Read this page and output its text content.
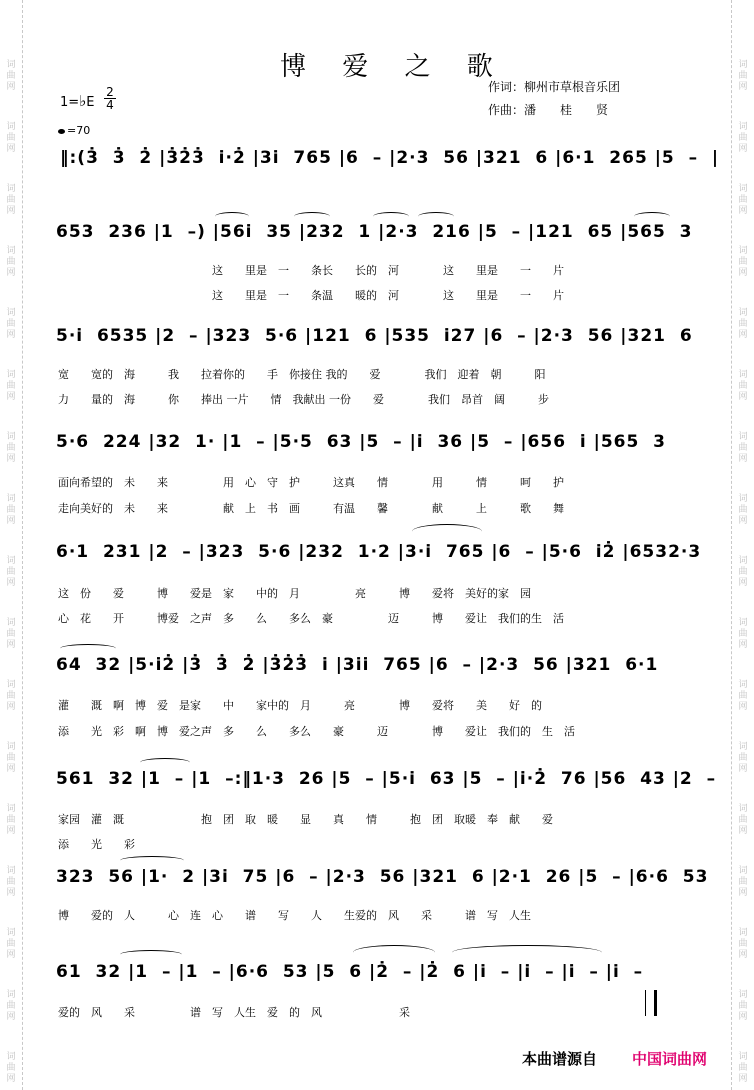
词
曲
网
词
曲
网
词
曲
网
词
曲
网
词
曲
网
词
曲
网
词
曲
网
词
曲
网
词
曲
网
词
曲
网
词
曲
网
词
曲
网
词
曲
网
词
曲
网
词
曲
网
词
曲
网
词
曲
网
词
曲
网
词
曲
网
词
曲
网
词
曲
网
词
曲
网
词
曲
网
词
曲
网
词
曲
网
词
曲
网
词
曲
网
词
曲
网
词
曲
网
词
曲
网
词
曲
网
词
曲
网
词
曲
网
词
曲
网
博 爱 之 歌
作词：柳州市草根音乐团
作曲：潘　　桂　　贤
1=♭E
2
4
=70
‖:(3̇  3̇  2̇ |3̇2̇3̇  i̇·2̇ |3i̇  765 |6  – |2·3  56 |321  6 |6·1  265 |5  –  |
653  236 |1  –) |56i̇  35 |232  1 |2·3  216 |5  – |121  65 |565  3
5·i̇  6535 |2  – |323  5·6 |121  6 |535  i̇27 |6  – |2·3  56 |321  6
5·6  224 |32  1· |1  – |5·5  63 |5  – |i̇  36 |5  – |656  i̇ |565  3
6·1  231 |2  – |323  5·6 |232  1·2 |3·i̇  765 |6  – |5·6  i̇2̇ |6532·3
64  32 |5·i̇2̇ |3̇  3̇  2̇ |3̇2̇3̇  i̇ |3i̇i̇  765 |6  – |2·3  56 |321  6·1
561  32 |1  – |1  –:‖1·3  26 |5  – |5·i̇  63 |5  – |i̇·2̇  76 |56  43 |2  –
323  56 |1·  2 |3i̇  75 |6  – |2·3  56 |321  6 |2·1  26 |5  – |6·6  53
61  32 |1  – |1  – |6·6  53 |5  6 |2̇  – |2̇  6 |i̇  – |i̇  – |i̇  – |i̇  –
这　　里是　一　　条长　　长的　河　　　　这　　里是　　一　　片
这　　里是　一　　条温　　暖的　河　　　　这　　里是　　一　　片
宽　　宽的　海　　　我　　拉着你的　　手　你接住 我的　　爱　　　　我们　迎着　朝　　　阳
力　　量的　海　　　你　　捧出 一片　　情　我献出 一份　　爱　　　　我们　昂首　阔　　　步
面向希望的　未　　来　　　　　用　心　守　护　　　这真　　情　　　　用　　　情　　　呵　　护
走向美好的　未　　来　　　　　献　上　书　画　　　有温　　馨　　　　献　　　上　　　歌　　舞
这　份　　爱　　　博　　爱是　家　　中的　月　　　　　亮　　　博　　爱将　美好的家　园
心　花　　开　　　博爱　之声　多　　么　　多么　豪　　　　　迈　　　博　　爱让　我们的生　活
灌　　溉　啊　博　爱　是家　　中　　家中的　月　　　亮　　　　博　　爱将　　美　　好　的
添　　光　彩　啊　博　爱之声　多　　么　　多么　　豪　　　迈　　　　博　　爱让　我们的　生　活
家园　灌　溉　　　　　　　抱　团　取　暖　　显　　真　　情　　　抱　团　取暖　奉　献　　爱
添　　光　　彩
博　　爱的　人　　　心　连　心　　谱　　写　　人　　生爱的　风　　采　　　谱　写　人生
爱的　风　　采　　　　　谱　写　人生　爱　的　风　　　　　　　采
本曲谱源自 中国词曲网
